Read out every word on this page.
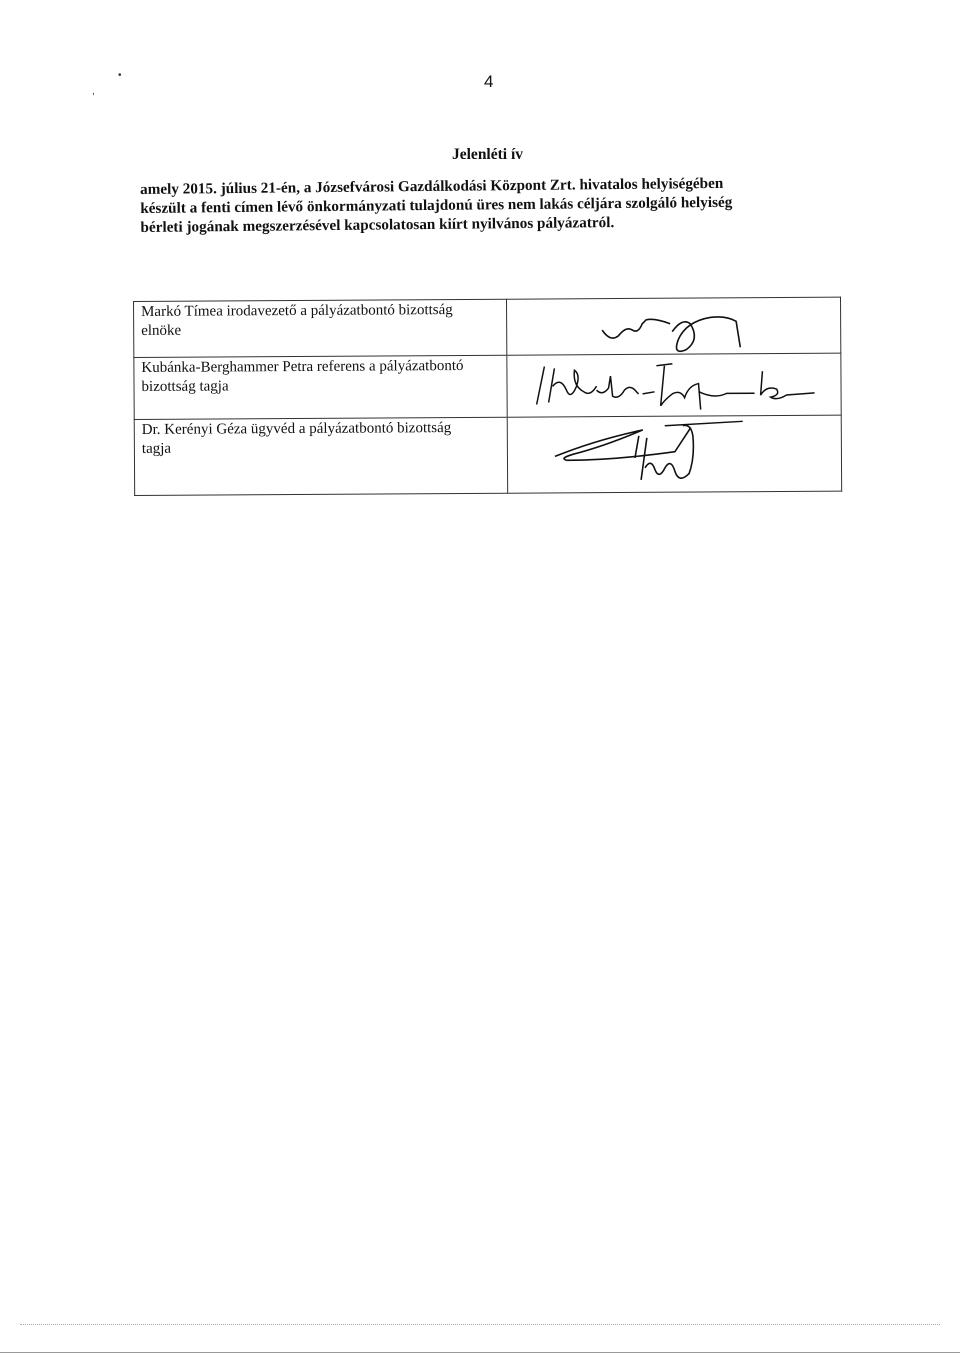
,
•	4
Jelenléti ív

amely 2015. július 21-én, a Józsefvárosi Gazdálkodási Központ Zrt. hivatalos helyiségében

készült a fenti címen lévő önkormányzati tulajdonú üres nem lakás céljára szolgáló helyiség

bérleti jogának megszerzésével kapcsolatosan kiírt nyilvános pályázatról.

Markó Tímea irodavezető a pályázatbontó bizottság
elnöke

Kubánka-Berghammer Petra referens a pályázatbontó
bizottság tagja

Dr. Kerényi Géza ügyvéd a pályázatbontó bizottság
tagja
